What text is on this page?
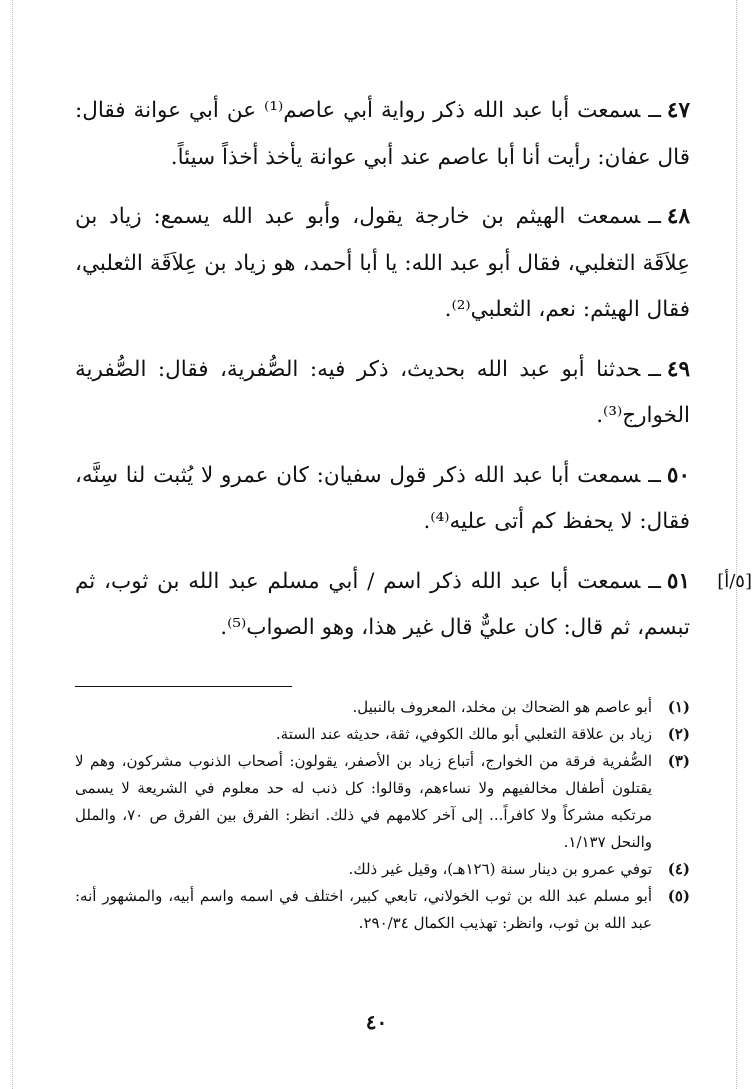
٤٧ــسمعت أبا عبد الله ذكر رواية أبي عاصم⁽¹⁾ عن أبي عوانة فقال: قال عفان: رأيت أنا أبا عاصم عند أبي عوانة يأخذ أخذاً سيئاً.

٤٨ــسمعت الهيثم بن خارجة يقول، وأبو عبد الله يسمع: زياد بن عِلاَقَة التغلبي، فقال أبو عبد الله: يا أبا أحمد، هو زياد بن عِلاَقَة الثعلبي، فقال الهيثم: نعم، الثعلبي⁽²⁾.

٤٩ــحدثنا أبو عبد الله بحديث، ذكر فيه: الصُّفرية، فقال: الصُّفرية الخوارج⁽³⁾.

٥٠ــسمعت أبا عبد الله ذكر قول سفيان: كان عمرو لا يُثبت لنا سِنَّه، فقال: لا يحفظ كم أتى عليه⁽⁴⁾.

[٥/أ]
٥١ــسمعت أبا عبد الله ذكر اسم / أبي مسلم عبد الله بن ثوب، ثم تبسم، ثم قال: كان عليٌّ قال غير هذا، وهو الصواب⁽⁵⁾.

(١)
أبو عاصم هو الضحاك بن مخلد، المعروف بالنبيل.
(٢)
زياد بن علاقة الثعلبي أبو مالك الكوفي، ثقة، حديثه عند الستة.
(٣)
الصُّفرية فرقة من الخوارج، أتباع زياد بن الأصفر، يقولون: أصحاب الذنوب مشركون، وهم لا يقتلون أطفال مخالفيهم ولا نساءهم، وقالوا: كل ذنب له حد معلوم في الشريعة لا يسمى مرتكبه مشركاً ولا كافراً... إلى آخر كلامهم في ذلك. انظر: الفرق بين الفرق ص ٧٠، والملل والنحل ١/١٣٧.
(٤)
توفي عمرو بن دينار سنة (١٢٦هـ)، وقيل غير ذلك.
(٥)
أبو مسلم عبد الله بن ثوب الخولاني، تابعي كبير، اختلف في اسمه واسم أبيه، والمشهور أنه: عبد الله بن ثوب، وانظر: تهذيب الكمال ٢٩٠/٣٤.
٤٠
